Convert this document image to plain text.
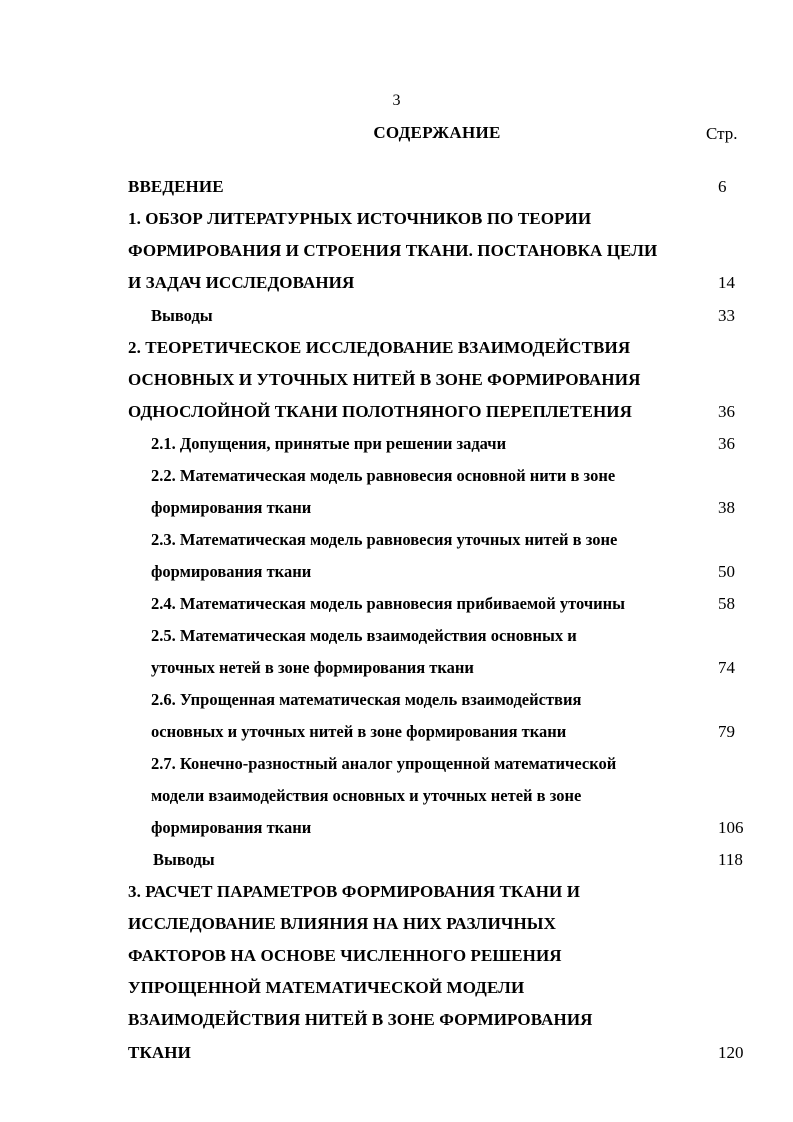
3
СОДЕРЖАНИЕ	Стр.
ВВЕДЕНИЕ	6
1. ОБЗОР ЛИТЕРАТУРНЫХ ИСТОЧНИКОВ ПО ТЕОРИИ
ФОРМИРОВАНИЯ И СТРОЕНИЯ ТКАНИ. ПОСТАНОВКА ЦЕЛИ
И ЗАДАЧ ИССЛЕДОВАНИЯ	14
Выводы	33
2. ТЕОРЕТИЧЕСКОЕ ИССЛЕДОВАНИЕ ВЗАИМОДЕЙСТВИЯ
ОСНОВНЫХ И УТОЧНЫХ НИТЕЙ В ЗОНЕ ФОРМИРОВАНИЯ
ОДНОСЛОЙНОЙ ТКАНИ ПОЛОТНЯНОГО ПЕРЕПЛЕТЕНИЯ	36
2.1. Допущения, принятые при решении задачи	36
2.2. Математическая модель равновесия основной нити в зоне
формирования ткани	38
2.3. Математическая модель равновесия уточных нитей в зоне
формирования ткани	50
2.4. Математическая модель равновесия прибиваемой уточины	58
2.5. Математическая модель взаимодействия основных и
уточных нетей в зоне формирования ткани	74
2.6. Упрощенная математическая модель взаимодействия
основных и уточных нитей в зоне формирования ткани	79
2.7. Конечно-разностный аналог упрощенной математической
модели взаимодействия основных и уточных нетей в зоне
формирования ткани	106
Выводы	118
3. РАСЧЕТ ПАРАМЕТРОВ ФОРМИРОВАНИЯ ТКАНИ И
ИССЛЕДОВАНИЕ ВЛИЯНИЯ НА НИХ РАЗЛИЧНЫХ
ФАКТОРОВ НА ОСНОВЕ ЧИСЛЕННОГО РЕШЕНИЯ
УПРОЩЕННОЙ МАТЕМАТИЧЕСКОЙ МОДЕЛИ
ВЗАИМОДЕЙСТВИЯ НИТЕЙ В ЗОНЕ ФОРМИРОВАНИЯ
ТКАНИ	120
